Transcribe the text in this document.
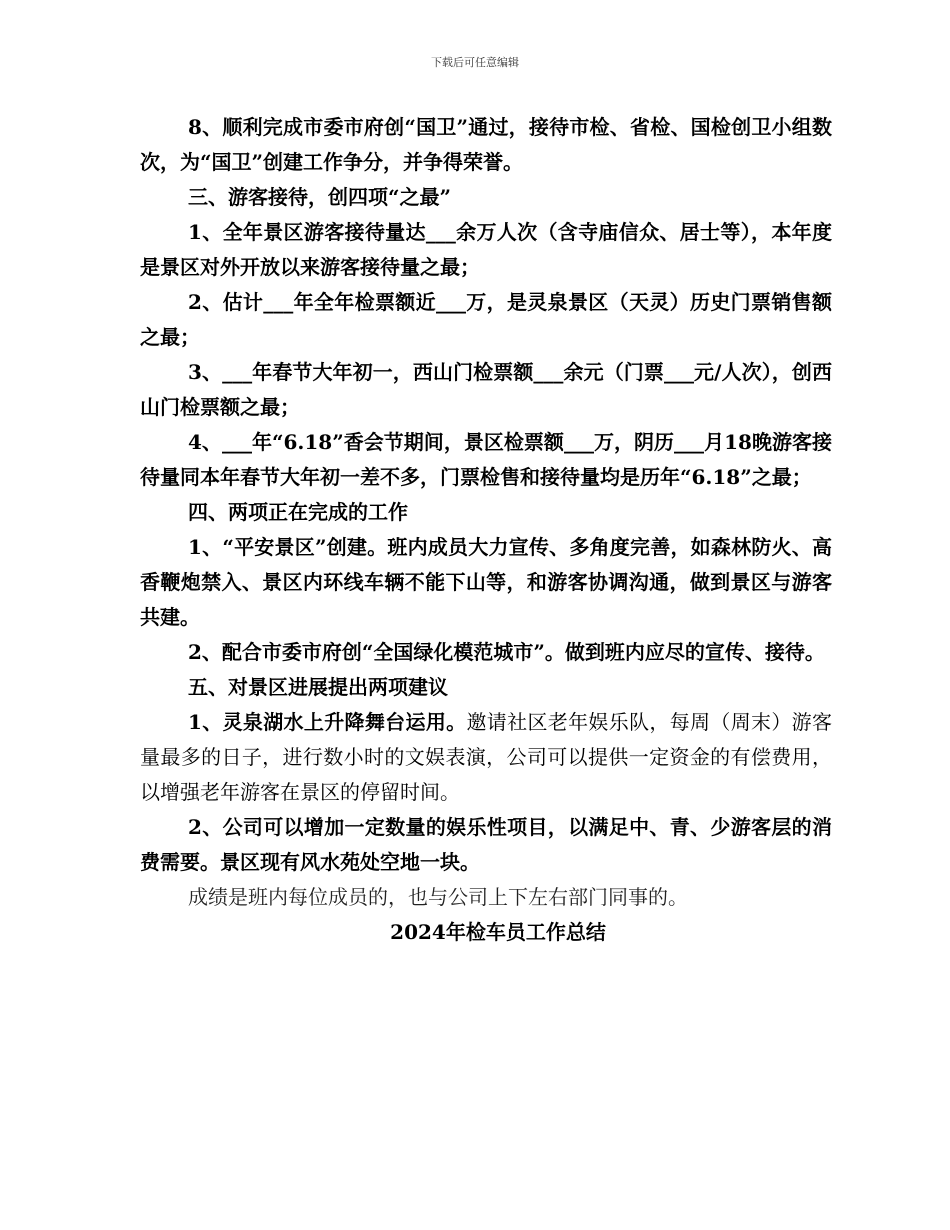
下载后可任意编辑

8、顺利完成市委市府创“国卫”通过，接待市检、省检、国检创卫小组数次，为“国卫”创建工作争分，并争得荣誉。

三、游客接待，创四项“之最”

1、全年景区游客接待量达___余万人次（含寺庙信众、居士等），本年度是景区对外开放以来游客接待量之最；

2、估计___年全年检票额近___万，是灵泉景区（天灵）历史门票销售额之最；

3、___年春节大年初一，西山门检票额___余元（门票___元/人次），创西山门检票额之最；

4、___年“6.18”香会节期间，景区检票额___万，阴历___月18晚游客接待量同本年春节大年初一差不多，门票检售和接待量均是历年“6.18”之最；

四、两项正在完成的工作

1、“平安景区”创建。班内成员大力宣传、多角度完善，如森林防火、高香鞭炮禁入、景区内环线车辆不能下山等，和游客协调沟通，做到景区与游客共建。

2、配合市委市府创“全国绿化模范城市”。做到班内应尽的宣传、接待。

五、对景区进展提出两项建议

1、灵泉湖水上升降舞台运用。邀请社区老年娱乐队，每周（周末）游客量最多的日子，进行数小时的文娱表演，公司可以提供一定资金的有偿费用，以增强老年游客在景区的停留时间。

2、公司可以增加一定数量的娱乐性项目，以满足中、青、少游客层的消费需要。景区现有风水苑处空地一块。

成绩是班内每位成员的，也与公司上下左右部门同事的。

2024年检车员工作总结
